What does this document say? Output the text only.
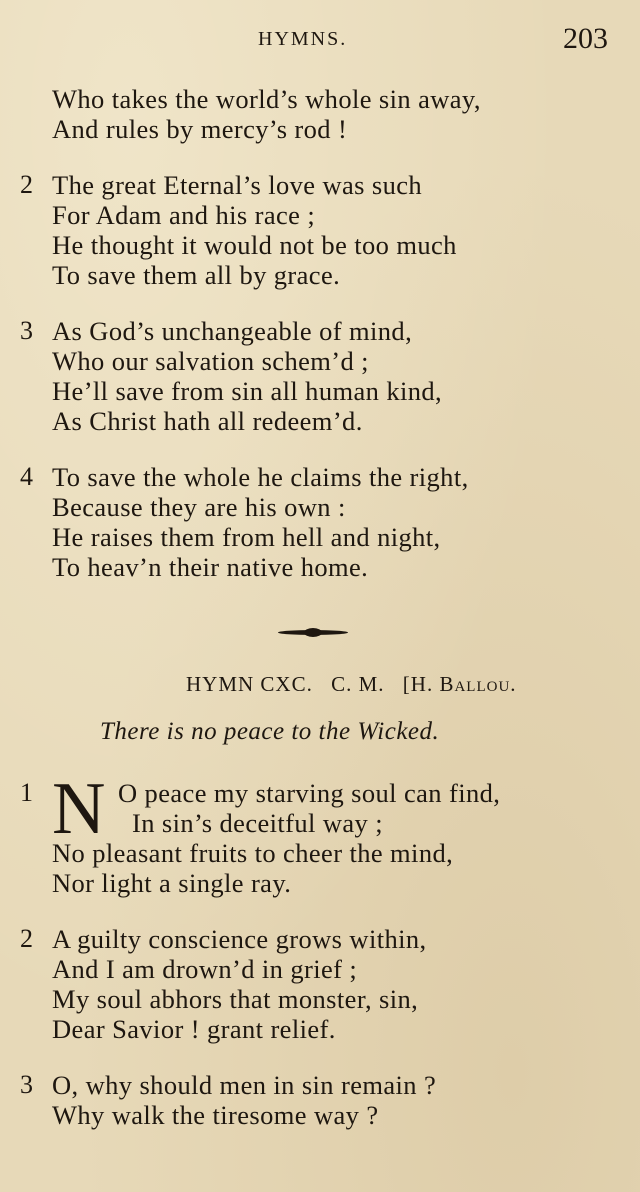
HYMNS.	203
Who takes the world’s whole sin away,
And rules by mercy’s rod !
2 The great Eternal’s love was such
For Adam and his race ;
He thought it would not be too much
To save them all by grace.
3 As God’s unchangeable of mind,
Who our salvation schem’d ;
He’ll save from sin all human kind,
As Christ hath all redeem’d.
4 To save the whole he claims the right,
Because they are his own :
He raises them from hell and night,
To heav’n their native home.
HYMN CXC. C. M. [H. Ballou.
There is no peace to the Wicked.
1 N O peace my starving soul can find,
In sin’s deceitful way ;
No pleasant fruits to cheer the mind,
Nor light a single ray.
2 A guilty conscience grows within,
And I am drown’d in grief ;
My soul abhors that monster, sin,
Dear Savior ! grant relief.
3 O, why should men in sin remain ?
Why walk the tiresome way ?
